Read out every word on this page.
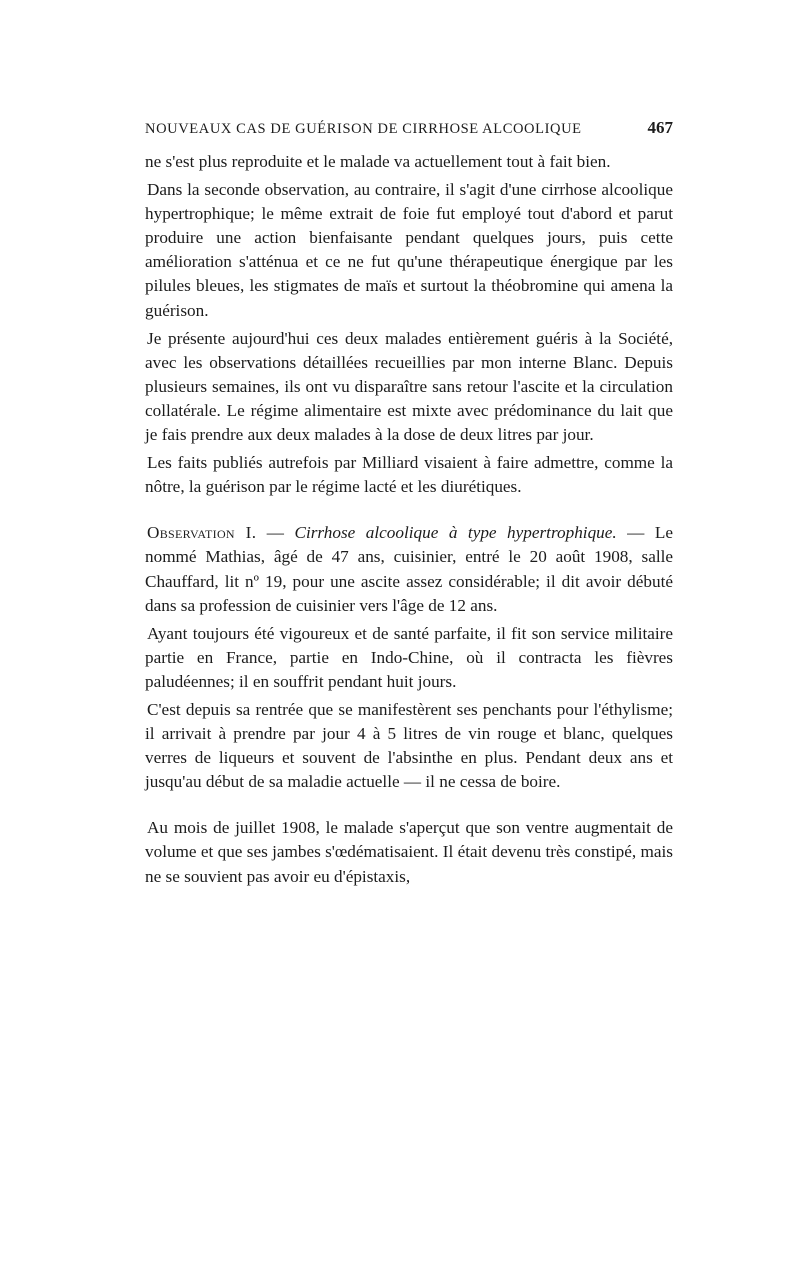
NOUVEAUX CAS DE GUÉRISON DE CIRRHOSE ALCOOLIQUE	467

ne s'est plus reproduite et le malade va actuellement tout à fait bien.

Dans la seconde observation, au contraire, il s'agit d'une cirrhose alcoolique hypertrophique; le même extrait de foie fut employé tout d'abord et parut produire une action bienfaisante pendant quelques jours, puis cette amélioration s'atténua et ce ne fut qu'une thérapeutique énergique par les pilules bleues, les stigmates de maïs et surtout la théobromine qui amena la guérison.

Je présente aujourd'hui ces deux malades entièrement guéris à la Société, avec les observations détaillées recueillies par mon interne Blanc. Depuis plusieurs semaines, ils ont vu disparaître sans retour l'ascite et la circulation collatérale. Le régime alimentaire est mixte avec prédominance du lait que je fais prendre aux deux malades à la dose de deux litres par jour.

Les faits publiés autrefois par Milliard visaient à faire admettre, comme la nôtre, la guérison par le régime lacté et les diurétiques.

Observation I. — Cirrhose alcoolique à type hypertrophique. — Le nommé Mathias, âgé de 47 ans, cuisinier, entré le 20 août 1908, salle Chauffard, lit nº 19, pour une ascite assez considérable; il dit avoir débuté dans sa profession de cuisinier vers l'âge de 12 ans.

Ayant toujours été vigoureux et de santé parfaite, il fit son service militaire partie en France, partie en Indo-Chine, où il contracta les fièvres paludéennes; il en souffrit pendant huit jours.

C'est depuis sa rentrée que se manifestèrent ses penchants pour l'éthylisme; il arrivait à prendre par jour 4 à 5 litres de vin rouge et blanc, quelques verres de liqueurs et souvent de l'absinthe en plus. Pendant deux ans et jusqu'au début de sa maladie actuelle — il ne cessa de boire.

Au mois de juillet 1908, le malade s'aperçut que son ventre augmentait de volume et que ses jambes s'œdématisaient. Il était devenu très constipé, mais ne se souvient pas avoir eu d'épistaxis,
